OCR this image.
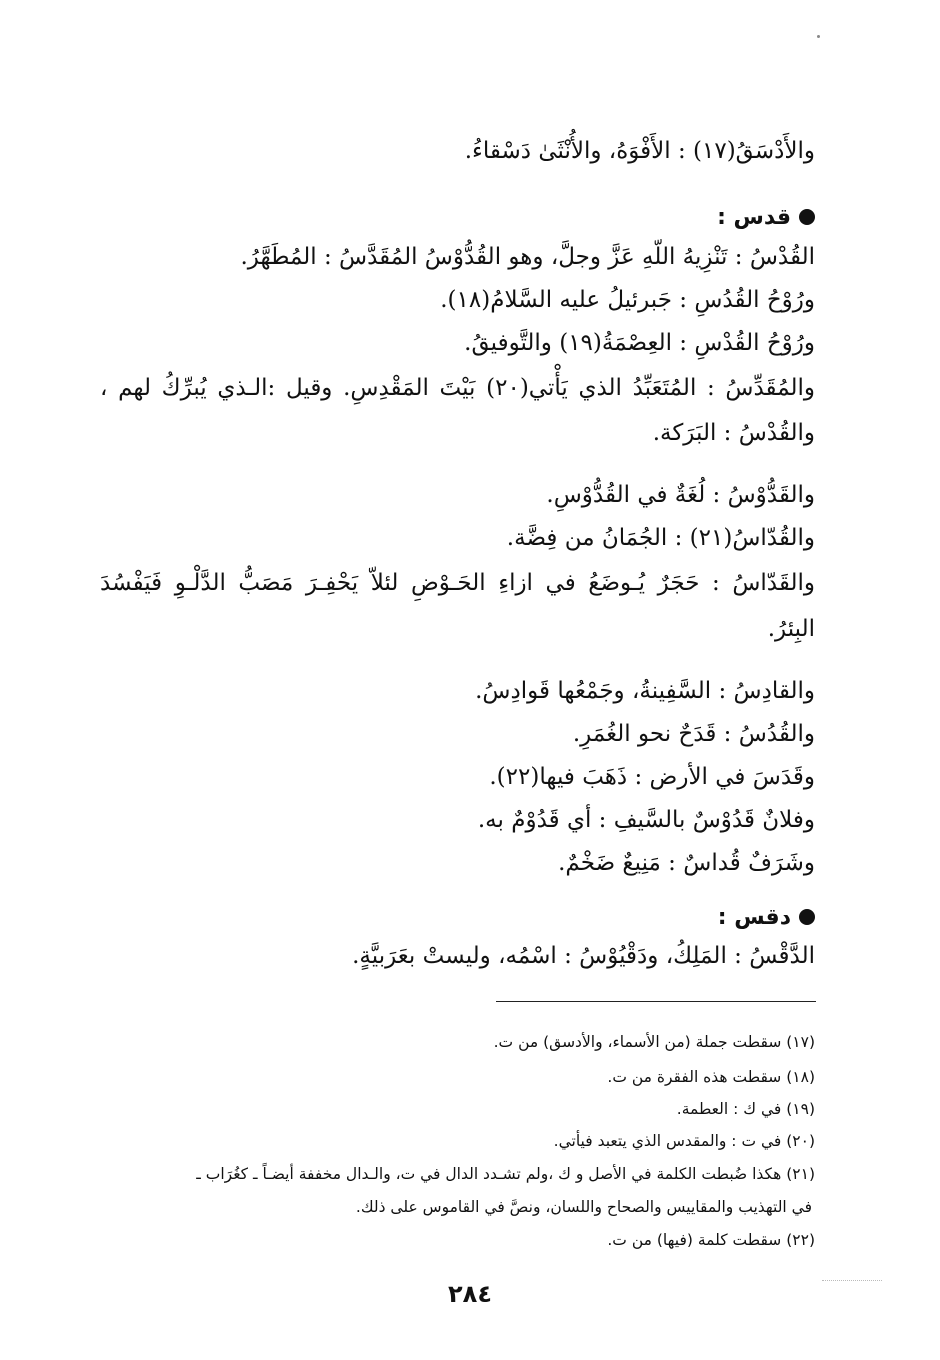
والأَدْسَقُ(١٧) : الأَفْوَهُ، والأُنْثَىٰ دَسْقاءُ.
قدس :
القُدْسُ : تَنْزِيهُ اللّهِ عَزَّ وجلَّ، وهو القُدُّوْسُ المُقَدَّسُ : المُطَهَّرُ.
ورُوْحُ القُدُسِ : جَبرئيلُ عليه السَّلامُ(١٨).
ورُوْحُ القُدْسِ : العِصْمَةُ(١٩) والتَّوفيقُ.
والمُقَدِّسُ : المُتَعَبِّدُ الذي يَأْتي(٢٠) بَيْتَ المَقْدِسِ. وقيل :الـذي يُبرِّكُ لهم ،
والقُدْسُ : البَرَكة.
والقَدُّوْسُ : لُغَةٌ في القُدُّوْسِ.
والقُدّاسُ(٢١) : الجُمَانُ من فِضَّة.
والقَدّاسُ : حَجَرٌ يُـوضَعُ في ازاءِ الحَـوْضِ لئلاّ يَحْفِـرَ مَصَبُّ الدَّلْـوِ فَيَفْسُدَ
البِئرُ.
والقادِسُ : السَّفِينةُ، وجَمْعُها قَوادِسُ.
والقُدُسُ : قَدَحٌ نحو الغُمَرِ.
وقَدَسَ في الأرض : ذَهَبَ فيها(٢٢).
وفلانٌ قَدُوْسٌ بالسَّيفِ : أي قَدُوْمٌ به.
وشَرَفٌ قُداسٌ : مَنِيعٌ ضَخْمٌ.
دقس :
الدَّقْسُ : المَلِكُ، ودَقْيُوْسُ : اسْمُه، وليستْ بعَرَبيَّةٍ.
(١٧) سقطت جملة (من الأسماء، والأدسق) من ت.
(١٨) سقطت هذه الفقرة من ت.
(١٩) في ك : العطمة.
(٢٠) في ت : والمقدس الذي يتعبد فيأتي.
(٢١) هكذا ضُبطت الكلمة في الأصل و ك ،ولم تشـدد الدال في ت، والـدال مخففة أيضـاً ـ كغُرَاب ـ
في التهذيب والمقاييس والصحاح واللسان، ونصَّ في القاموس على ذلك.
(٢٢) سقطت كلمة (فيها) من ت.
٢٨٤
